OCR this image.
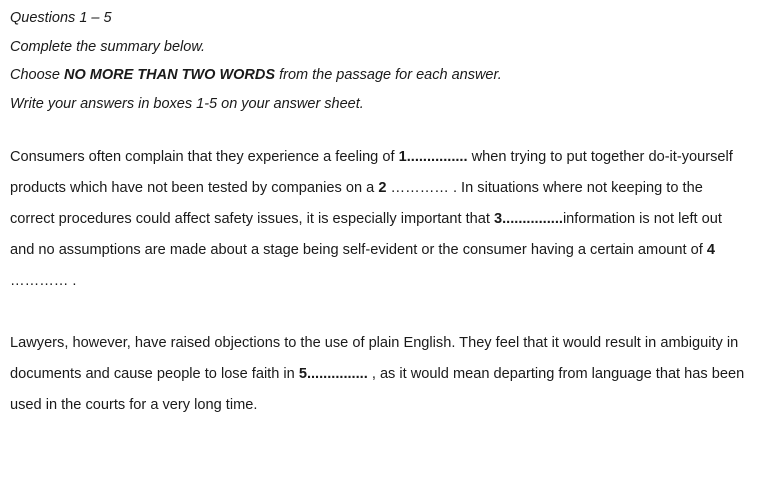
Questions 1 – 5
Complete the summary below.
Choose NO MORE THAN TWO WORDS from the passage for each answer.
Write your answers in boxes 1-5 on your answer sheet.

Consumers often complain that they experience a feeling of 1............... when trying to put together do-it-yourself products which have not been tested by companies on a 2 ………… . In situations where not keeping to the correct procedures could affect safety issues, it is especially important that 3...............information is not left out and no assumptions are made about a stage being self-evident or the consumer having a certain amount of 4 ………… .

Lawyers, however, have raised objections to the use of plain English. They feel that it would result in ambiguity in documents and cause people to lose faith in 5............... , as it would mean departing from language that has been used in the courts for a very long time.
